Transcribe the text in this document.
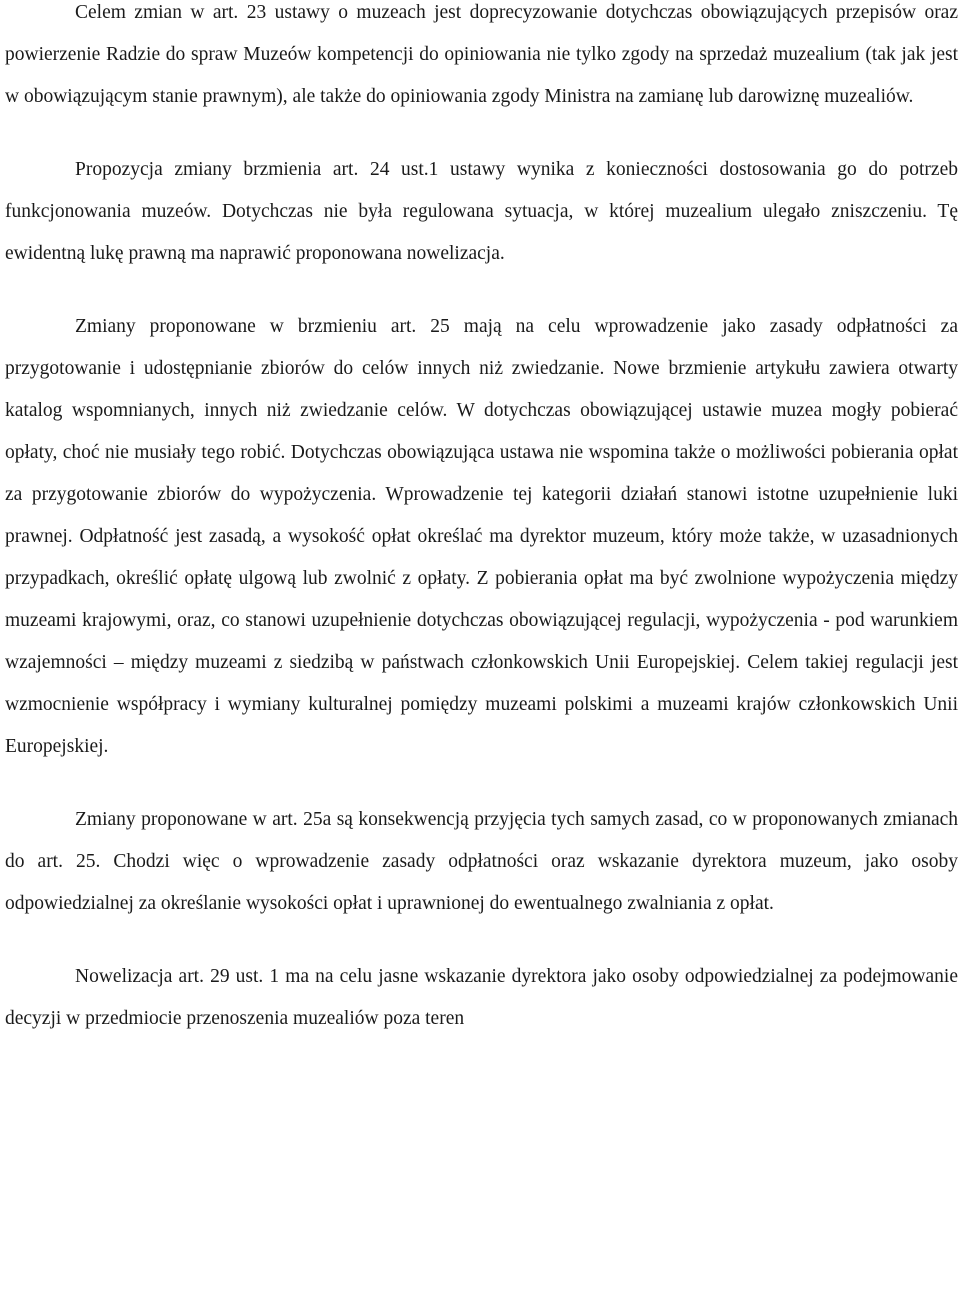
Celem zmian w art. 23 ustawy o muzeach jest doprecyzowanie dotychczas obowiązujących przepisów oraz powierzenie Radzie do spraw Muzeów kompetencji do opiniowania nie tylko zgody na sprzedaż muzealium (tak jak jest w obowiązującym stanie prawnym), ale także do opiniowania zgody Ministra na zamianę lub darowiznę muzealiów.

Propozycja zmiany brzmienia art. 24 ust.1 ustawy wynika z konieczności dostosowania go do potrzeb funkcjonowania muzeów. Dotychczas nie była regulowana sytuacja, w której muzealium ulegało zniszczeniu. Tę ewidentną lukę prawną ma naprawić proponowana nowelizacja.

Zmiany proponowane w brzmieniu art. 25 mają na celu wprowadzenie jako zasady odpłatności za przygotowanie i udostępnianie zbiorów do celów innych niż zwiedzanie. Nowe brzmienie artykułu zawiera otwarty katalog wspomnianych, innych niż zwiedzanie celów. W dotychczas obowiązującej ustawie muzea mogły pobierać opłaty, choć nie musiały tego robić. Dotychczas obowiązująca ustawa nie wspomina także o możliwości pobierania opłat za przygotowanie zbiorów do wypożyczenia. Wprowadzenie tej kategorii działań stanowi istotne uzupełnienie luki prawnej. Odpłatność jest zasadą, a wysokość opłat określać ma dyrektor muzeum, który może także, w uzasadnionych przypadkach, określić opłatę ulgową lub zwolnić z opłaty. Z pobierania opłat ma być zwolnione wypożyczenia między muzeami krajowymi, oraz, co stanowi uzupełnienie dotychczas obowiązującej regulacji, wypożyczenia - pod warunkiem wzajemności – między muzeami z siedzibą w państwach członkowskich Unii Europejskiej. Celem takiej regulacji jest wzmocnienie współpracy i wymiany kulturalnej pomiędzy muzeami polskimi a muzeami krajów członkowskich Unii Europejskiej.

Zmiany proponowane w art. 25a są konsekwencją przyjęcia tych samych zasad, co w proponowanych zmianach do art. 25. Chodzi więc o wprowadzenie zasady odpłatności oraz wskazanie dyrektora muzeum, jako osoby odpowiedzialnej za określanie wysokości opłat i uprawnionej do ewentualnego zwalniania z opłat.

Nowelizacja art. 29 ust. 1 ma na celu jasne wskazanie dyrektora jako osoby odpowiedzialnej za podejmowanie decyzji w przedmiocie przenoszenia muzealiów poza teren
